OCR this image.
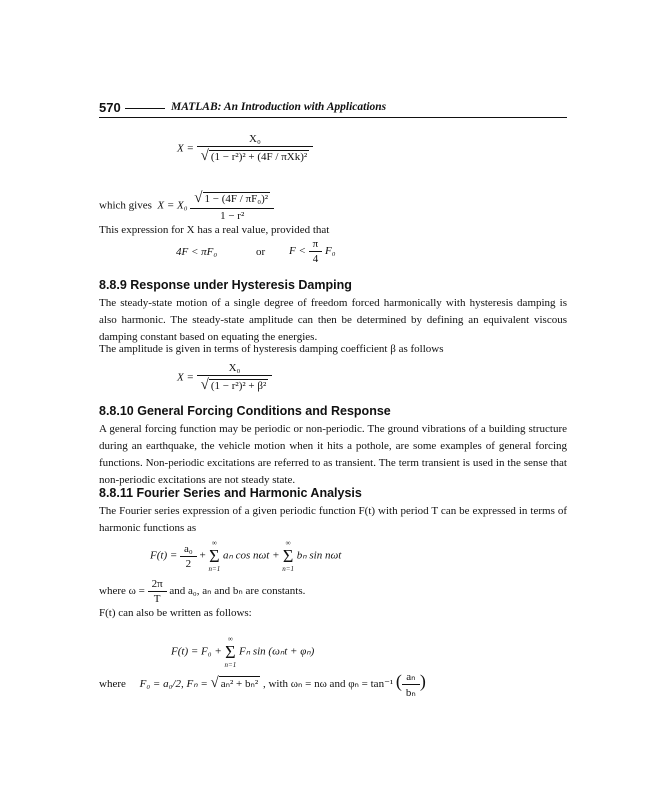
570	MATLAB: An Introduction with Applications
$X = \frac{\text{X₀}}{\text{√ (1 − r²)² + (4F / πXk)²}}$
which gives $X = X_0 \frac{\text{√ 1 − (4F / πF₀)²}}{\text{1 − r²}}$
This expression for X has a real value, provided that
4F < πF₀	or $F < \frac{\pi}{4} F_0$
8.8.9 Response under Hysteresis Damping
The steady-state motion of a single degree of freedom forced harmonically with hysteresis damping is also harmonic. The steady-state amplitude can then be determined by defining an equivalent viscous damping constant based on equating the energies.
The amplitude is given in terms of hysteresis damping coefficient β as follows
$X = \frac{\text{X₀}}{\text{√ (1 − r²)² + β²}}$
8.8.10 General Forcing Conditions and Response
A general forcing function may be periodic or non-periodic. The ground vibrations of a building structure during an earthquake, the vehicle motion when it hits a pothole, are some examples of general forcing functions. Non-periodic excitations are referred to as transient. The term transient is used in the sense that non-periodic excitations are not steady state.
8.8.11 Fourier Series and Harmonic Analysis
The Fourier series expression of a given periodic function F(t) with period T can be expressed in terms of harmonic functions as
$F(t) = \frac{\text{a₀}}{2}$ +
∞
Σ
n=1
aₙ cos nωt +
∞
Σ
n=1
bₙ sin nωt
where $\omega = \frac{2\pi}{T}$ and a₀, aₙ and bₙ are constants.
F(t) can also be written as follows:
F(t) = F₀ +
∞
Σ
n=1
Fₙ sin (ωₙt + φₙ)
where F₀ = a₀/2, Fₙ = √ aₙ² + bₙ² , with ωₙ = nω and φₙ = tan⁻¹ ( $\frac{\text{aₙ}}{\text{bₙ}}$ )
